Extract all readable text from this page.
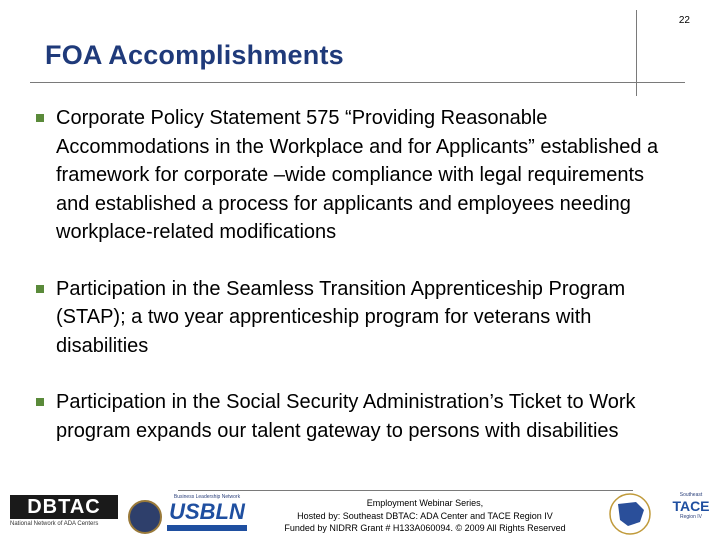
22
FOA Accomplishments
Corporate Policy Statement 575 “Providing Reasonable Accommodations in the Workplace and for Applicants” established a framework for corporate –wide compliance with legal requirements and established a process for applicants and employees needing workplace-related modifications
Participation in the Seamless Transition Apprenticeship Program (STAP); a two year apprenticeship program for veterans with disabilities
Participation in the Social Security Administration’s Ticket to Work program expands our talent gateway to persons with disabilities
DBTAC
National Network of ADA Centers
Business Leadership Network
USBLN	Employment Webinar Series,
Hosted by: Southeast DBTAC: ADA Center and TACE Region IV
Funded by NIDRR Grant # H133A060094. © 2009 All Rights Reserved
Southeast
TACE
Region IV
